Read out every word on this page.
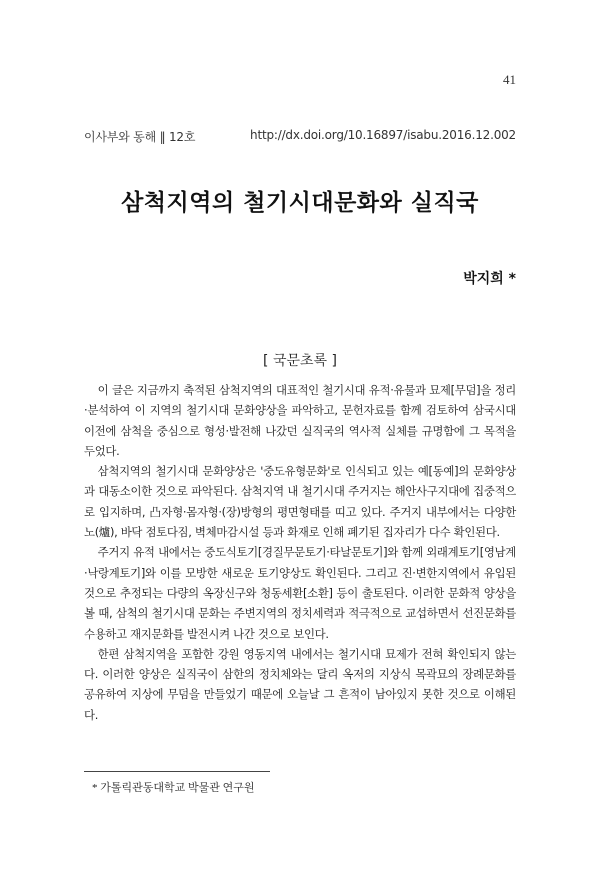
41
이사부와 동해 ‖ 12호	http://dx.doi.org/10.16897/isabu.2016.12.002
삼척지역의 철기시대문화와 실직국
박지희 *
[ 국문초록 ]

이 글은 지금까지 축적된 삼척지역의 대표적인 철기시대 유적·유물과 묘제[무덤]을 정리·분석하여 이 지역의 철기시대 문화양상을 파악하고, 문헌자료를 함께 검토하여 삼국시대 이전에 삼척을 중심으로 형성·발전해 나갔던 실직국의 역사적 실체를 규명함에 그 목적을 두었다.

삼척지역의 철기시대 문화양상은 '중도유형문화'로 인식되고 있는 예[동예]의 문화양상과 대동소이한 것으로 파악된다. 삼척지역 내 철기시대 주거지는 해안사구지대에 집중적으로 입지하며, 凸자형·몸자형·(장)방형의 평면형태를 띠고 있다. 주거지 내부에서는 다양한 노(爐), 바닥 점토다짐, 벽체마감시설 등과 화재로 인해 폐기된 집자리가 다수 확인된다.

주거지 유적 내에서는 중도식토기[경질무문토기·타날문토기]와 함께 외래계토기[영남계·낙랑계토기]와 이를 모방한 새로운 토기양상도 확인된다. 그리고 진·변한지역에서 유입된 것으로 추정되는 다량의 옥장신구와 청동세환[소환] 등이 출토된다. 이러한 문화적 양상을 볼 때, 삼척의 철기시대 문화는 주변지역의 정치세력과 적극적으로 교섭하면서 선진문화를 수용하고 재지문화를 발전시켜 나간 것으로 보인다.

한편 삼척지역을 포함한 강원 영동지역 내에서는 철기시대 묘제가 전혀 확인되지 않는다. 이러한 양상은 실직국이 삼한의 정치체와는 달리 옥저의 지상식 목곽묘의 장례문화를 공유하여 지상에 무덤을 만들었기 때문에 오늘날 그 흔적이 남아있지 못한 것으로 이해된다.

* 가톨릭관동대학교 박물관 연구원
